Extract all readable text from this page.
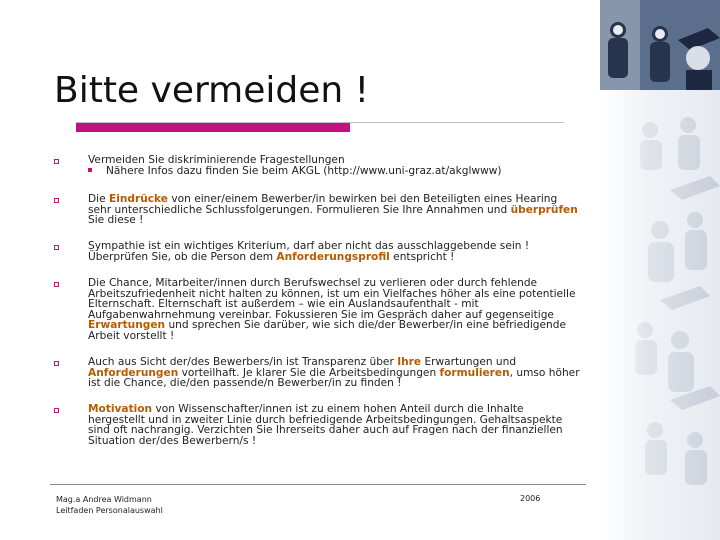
Bitte vermeiden !
Vermeiden Sie diskriminierende Fragestellungen
Nähere Infos dazu finden Sie beim AKGL (http://www.uni-graz.at/akglwww)
Die Eindrücke von einer/einem Bewerber/in bewirken bei den Beteiligten eines Hearing sehr unterschiedliche Schlussfolgerungen. Formulieren Sie Ihre Annahmen und überprüfen Sie diese !
Sympathie ist ein wichtiges Kriterium, darf aber nicht das ausschlaggebende sein ! Überprüfen Sie, ob die Person dem Anforderungsprofil entspricht !
Die Chance, Mitarbeiter/innen durch Berufswechsel zu verlieren oder durch fehlende Arbeitszufriedenheit nicht halten zu können, ist um ein Vielfaches höher als eine potentielle Elternschaft. Elternschaft ist außerdem – wie ein Auslandsaufenthalt - mit Aufgabenwahrnehmung vereinbar. Fokussieren Sie im Gespräch daher auf gegenseitige Erwartungen und sprechen Sie darüber, wie sich die/der Bewerber/in eine befriedigende Arbeit vorstellt !
Auch aus Sicht der/des Bewerbers/in ist Transparenz über Ihre Erwartungen und Anforderungen vorteilhaft. Je klarer Sie die Arbeitsbedingungen formulieren, umso höher ist die Chance, die/den passende/n Bewerber/in zu finden !
Motivation von Wissenschafter/innen ist zu einem hohen Anteil durch die Inhalte hergestellt und in zweiter Linie durch befriedigende Arbeitsbedingungen. Gehaltsaspekte sind oft nachrangig. Verzichten Sie Ihrerseits daher auch auf Fragen nach der finanziellen Situation der/des Bewerbern/s !
Mag.a Andrea Widmann
Leitfaden Personalauswahl
2006
